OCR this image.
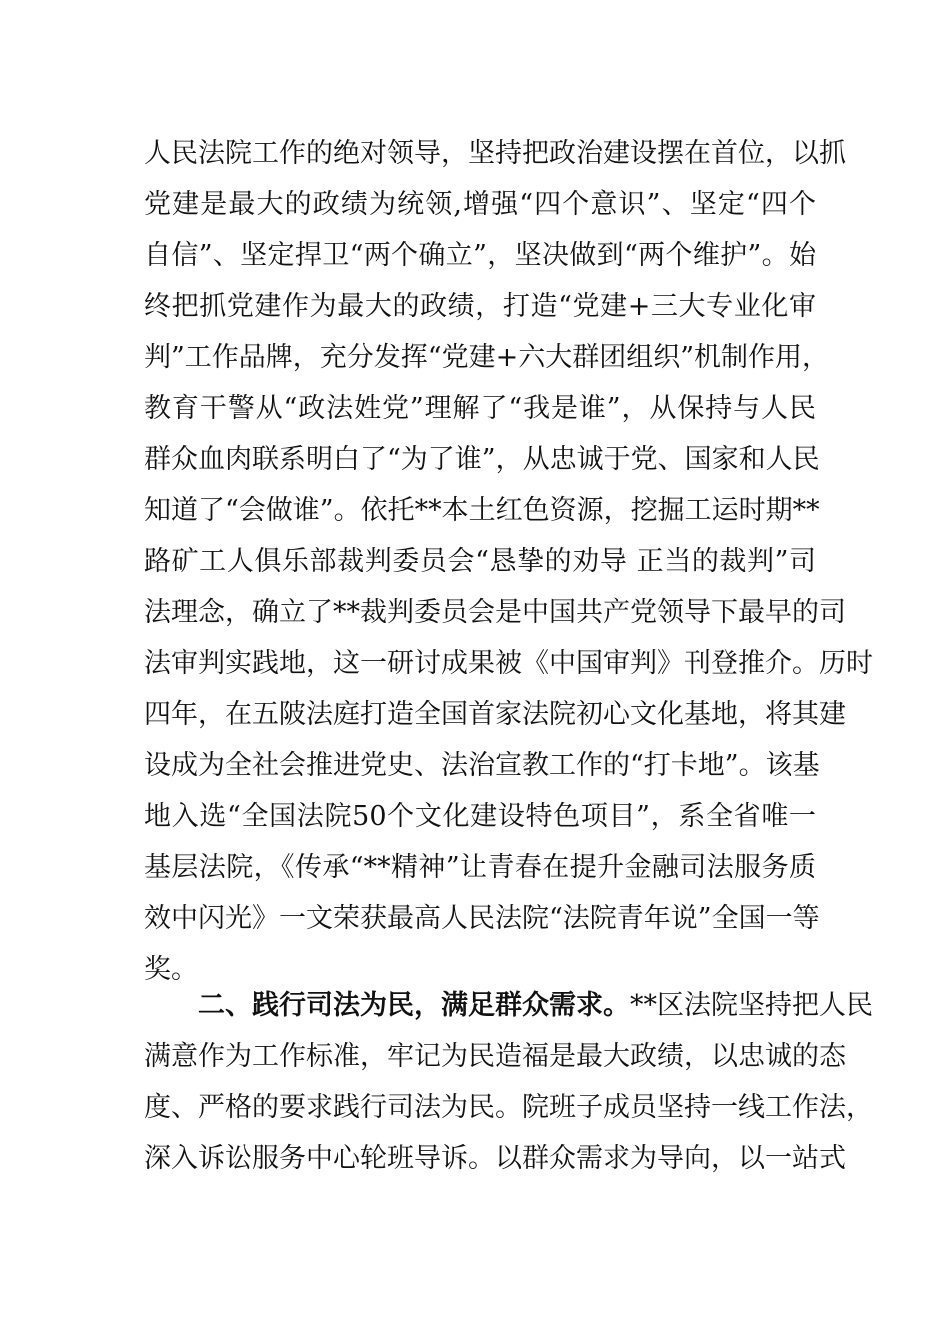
人民法院工作的绝对领导，坚持把政治建设摆在首位，以抓
党建是最大的政绩为统领,增强“四个意识”、坚定“四个
自信”、坚定捍卫“两个确立”，坚决做到“两个维护”。始
终把抓党建作为最大的政绩，打造“党建+三大专业化审
判”工作品牌，充分发挥“党建+六大群团组织”机制作用，
教育干警从“政法姓党”理解了“我是谁”，从保持与人民
群众血肉联系明白了“为了谁”，从忠诚于党、国家和人民
知道了“会做谁”。依托**本土红色资源，挖掘工运时期**
路矿工人俱乐部裁判委员会“恳挚的劝导 正当的裁判”司
法理念，确立了**裁判委员会是中国共产党领导下最早的司
法审判实践地，这一研讨成果被《中国审判》刊登推介。历时
四年，在五陂法庭打造全国首家法院初心文化基地，将其建
设成为全社会推进党史、法治宣教工作的“打卡地”。该基
地入选“全国法院50个文化建设特色项目”，系全省唯一
基层法院，《传承“**精神”让青春在提升金融司法服务质
效中闪光》一文荣获最高人民法院“法院青年说”全国一等
奖。
二、践行司法为民，满足群众需求。**区法院坚持把人民
满意作为工作标准，牢记为民造福是最大政绩，以忠诚的态
度、严格的要求践行司法为民。院班子成员坚持一线工作法，
深入诉讼服务中心轮班导诉。以群众需求为导向，以一站式
